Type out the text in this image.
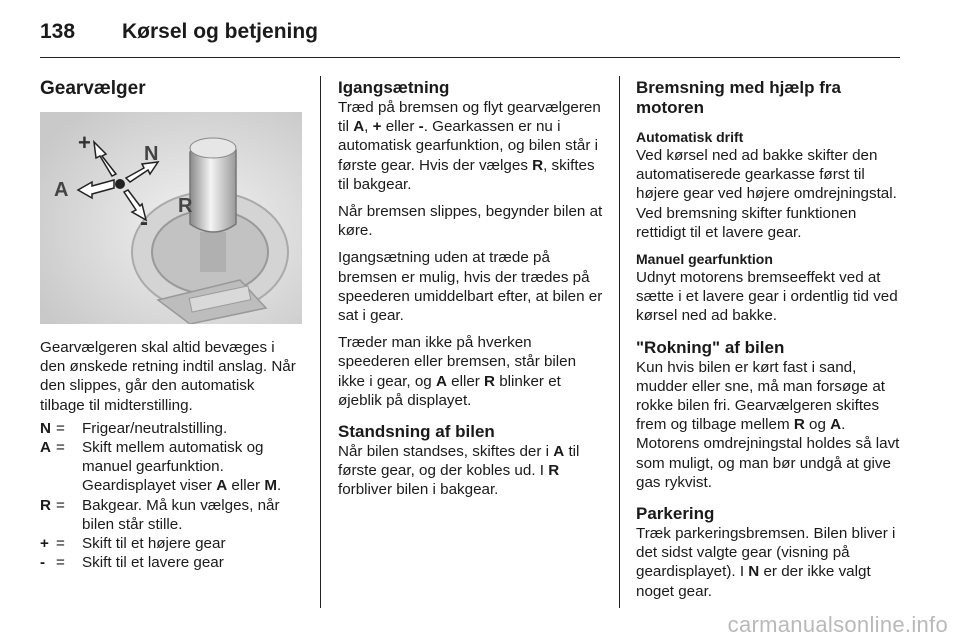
138 Kørsel og betjening
Gearvælger
+	N
A
R
-

Gearvælgeren skal altid bevæges i den ønskede retning indtil anslag. Når den slippes, går den automatisk tilbage til midterstilling.

N =	Frigear/neutralstilling.
A =	Skift mellem automatisk og manuel gearfunktion. Geardisplayet viser A eller M.
R =	Bakgear. Må kun vælges, når bilen står stille.
+ =	Skift til et højere gear
- =	Skift til et lavere gear
Igangsætning

Træd på bremsen og flyt gearvælgeren til A, + eller -. Gearkassen er nu i automatisk gearfunktion, og bilen står i første gear. Hvis der vælges R, skiftes til bakgear.

Når bremsen slippes, begynder bilen at køre.

Igangsætning uden at træde på bremsen er mulig, hvis der trædes på speederen umiddelbart efter, at bilen er sat i gear.

Træder man ikke på hverken speederen eller bremsen, står bilen ikke i gear, og A eller R blinker et øjeblik på displayet.

Standsning af bilen

Når bilen standses, skiftes der i A til første gear, og der kobles ud. I R forbliver bilen i bakgear.

Bremsning med hjælp fra motoren
Automatisk drift

Ved kørsel ned ad bakke skifter den automatiserede gearkasse først til højere gear ved højere omdrejningstal. Ved bremsning skifter funktionen rettidigt til et lavere gear.

Manuel gearfunktion

Udnyt motorens bremseeffekt ved at sætte i et lavere gear i ordentlig tid ved kørsel ned ad bakke.

"Rokning" af bilen

Kun hvis bilen er kørt fast i sand, mudder eller sne, må man forsøge at rokke bilen fri. Gearvælgeren skiftes frem og tilbage mellem R og A. Motorens omdrejningstal holdes så lavt som muligt, og man bør undgå at give gas rykvist.

Parkering

Træk parkeringsbremsen. Bilen bliver i det sidst valgte gear (visning på geardisplayet). I N er der ikke valgt noget gear.

carmanualsonline.info
